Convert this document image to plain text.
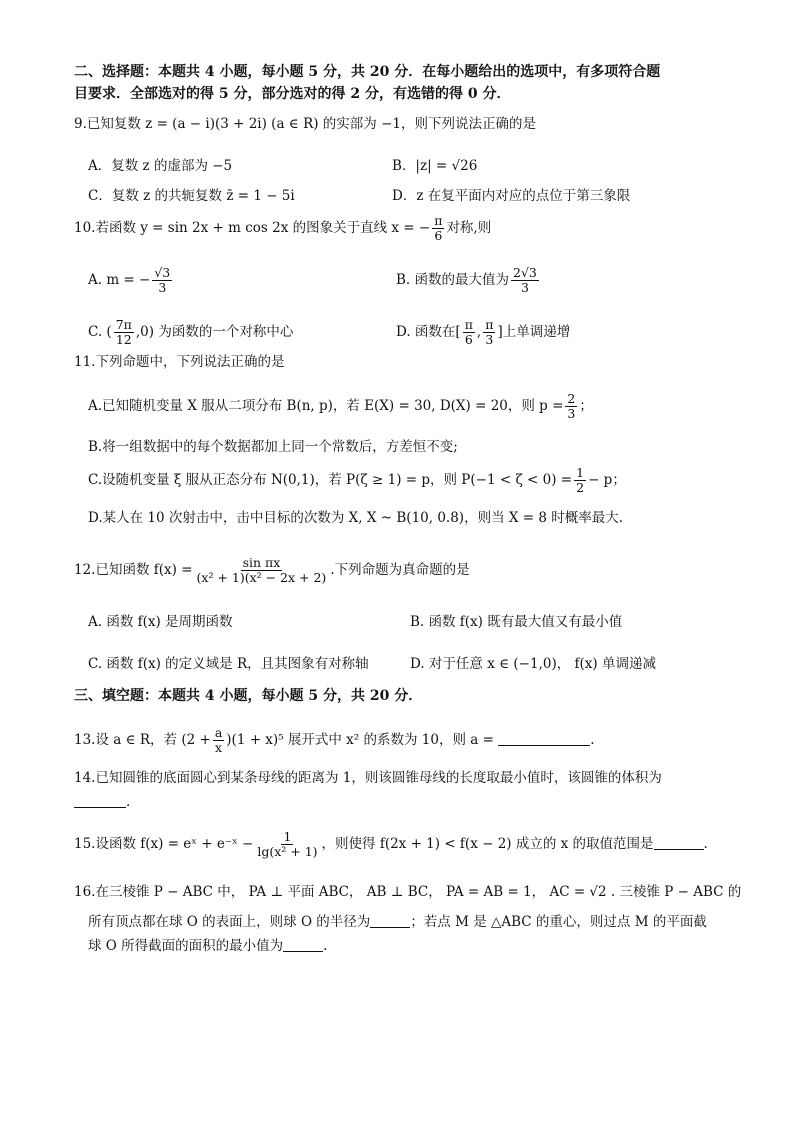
二、选择题：本题共 4 小题，每小题 5 分，共 20 分．在每小题给出的选项中，有多项符合题
目要求．全部选对的得 5 分，部分选对的得 2 分，有选错的得 0 分．
9.已知复数 z = (a − i)(3 + 2i) (a ∈ R) 的实部为 −1，则下列说法正确的是
A．复数 z 的虚部为 −5	B．|z| = √26
C．复数 z 的共轭复数 z̄ = 1 − 5i	D．z 在复平面内对应的点位于第三象限
10.若函数 y = sin 2x + m cos 2x 的图象关于直线 x = − $\frac{\pi}{6}$ 对称,则
A. m = − $\frac{√3}{3}$	B. 函数的最大值为 $\frac{2√3}{3}$
C. ( $\frac{7\pi}{12} ,0$) 为函数的一个对称中心	D. 函数在[ $\frac{\pi}{6}$ , $\frac{\pi}{3}$ ]上单调递增
11.下列命题中，下列说法正确的是
A.已知随机变量 X 服从二项分布 B(n, p)，若 E(X) = 30, D(X) = 20，则 $p = \frac{2}{3}$ ；
B.将一组数据中的每个数据都加上同一个常数后，方差恒不变;
C.设随机变量 ξ 服从正态分布 N(0,1)，若 P(ζ ≥ 1) = p，则 $P(-1 < \zeta < 0) = \frac{1}{2} - p$；
D.某人在 10 次射击中，击中目标的次数为 X, X ~ B(10, 0.8)，则当 X = 8 时概率最大.
12.已知函数 $f(x) = \frac{\text{sin πx}}{\text{(x² + 1)(x² − 2x + 2)}}$ .下列命题为真命题的是
A. 函数 f(x) 是周期函数	B. 函数 f(x) 既有最大值又有最小值
C. 函数 f(x) 的定义域是 R，且其图象有对称轴	D. 对于任意 x ∈ (−1,0)， f(x) 单调递减
三、填空题：本题共 4 小题，每小题 5 分，共 20 分．
13.设 a ∈ R，若 $(2 + \frac{a}{x} )(1 + x)^5$ 展开式中 x² 的系数为 10，则 a =	.
14.已知圆锥的底面圆心到某条母线的距离为 1，则该圆锥母线的长度取最小值时，该圆锥的体积为
.
15.设函数 f(x) = eˣ + e⁻ˣ − $\frac{1}{\text{lg(x² + 1)}}$ ，则使得 f(2x + 1) < f(x − 2) 成立的 x 的取值范围是	.
16.在三棱锥 P − ABC 中， PA ⊥ 平面 ABC， AB ⊥ BC， PA = AB = 1， AC = √2 . 三棱锥 P − ABC 的
所有顶点都在球 O 的表面上，则球 O 的半径为	；若点 M 是 △ABC 的重心，则过点 M 的平面截
球 O 所得截面的面积的最小值为	.
